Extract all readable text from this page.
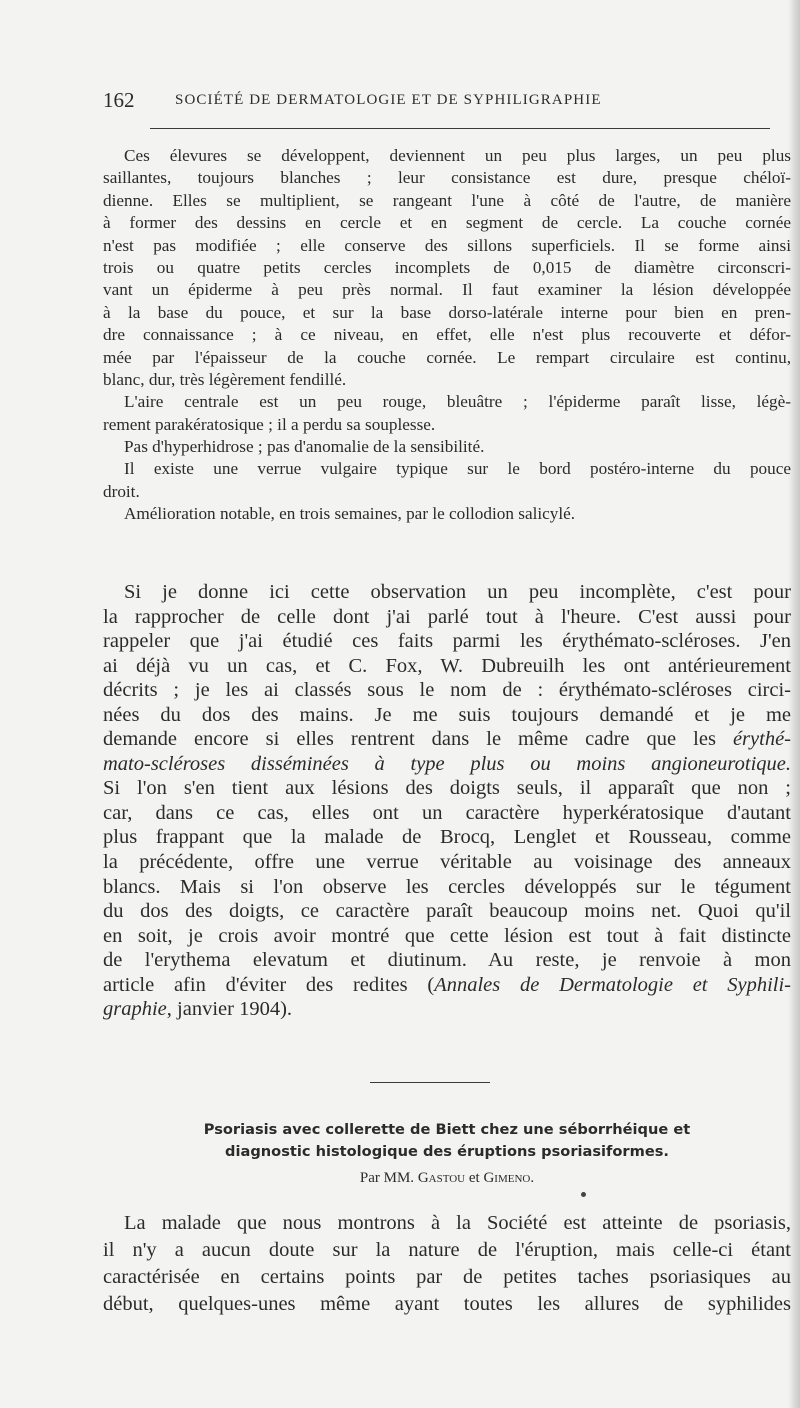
162	SOCIÉTÉ DE DERMATOLOGIE ET DE SYPHILIGRAPHIE
Ces élevures se développent, deviennent un peu plus larges, un peu plus
saillantes, toujours blanches ; leur consistance est dure, presque chéloï-
dienne. Elles se multiplient, se rangeant l'une à côté de l'autre, de manière
à former des dessins en cercle et en segment de cercle. La couche cornée
n'est pas modifiée ; elle conserve des sillons superficiels. Il se forme ainsi
trois ou quatre petits cercles incomplets de 0,015 de diamètre circonscri-
vant un épiderme à peu près normal. Il faut examiner la lésion développée
à la base du pouce, et sur la base dorso-latérale interne pour bien en pren-
dre connaissance ; à ce niveau, en effet, elle n'est plus recouverte et défor-
mée par l'épaisseur de la couche cornée. Le rempart circulaire est continu,
blanc, dur, très légèrement fendillé.
L'aire centrale est un peu rouge, bleuâtre ; l'épiderme paraît lisse, légè-
rement parakératosique ; il a perdu sa souplesse.
Pas d'hyperhidrose ; pas d'anomalie de la sensibilité.
Il existe une verrue vulgaire typique sur le bord postéro-interne du pouce
droit.
Amélioration notable, en trois semaines, par le collodion salicylé.
Si je donne ici cette observation un peu incomplète, c'est pour
la rapprocher de celle dont j'ai parlé tout à l'heure. C'est aussi pour
rappeler que j'ai étudié ces faits parmi les érythémato-scléroses. J'en
ai déjà vu un cas, et C. Fox, W. Dubreuilh les ont antérieurement
décrits ; je les ai classés sous le nom de : érythémato-scléroses circi-
nées du dos des mains. Je me suis toujours demandé et je me
demande encore si elles rentrent dans le même cadre que les érythé-
mato-scléroses disséminées à type plus ou moins angioneurotique.
Si l'on s'en tient aux lésions des doigts seuls, il apparaît que non ;
car, dans ce cas, elles ont un caractère hyperkératosique d'autant
plus frappant que la malade de Brocq, Lenglet et Rousseau, comme
la précédente, offre une verrue véritable au voisinage des anneaux
blancs. Mais si l'on observe les cercles développés sur le tégument
du dos des doigts, ce caractère paraît beaucoup moins net. Quoi qu'il
en soit, je crois avoir montré que cette lésion est tout à fait distincte
de l'erythema elevatum et diutinum. Au reste, je renvoie à mon
article afin d'éviter des redites (Annales de Dermatologie et Syphili-
graphie, janvier 1904).
Psoriasis avec collerette de Biett chez une séborrhéique et
diagnostic histologique des éruptions psoriasiformes.
Par MM. Gastou et Gimeno.
La malade que nous montrons à la Société est atteinte de psoriasis,
il n'y a aucun doute sur la nature de l'éruption, mais celle-ci étant
caractérisée en certains points par de petites taches psoriasiques au
début, quelques-unes même ayant toutes les allures de syphilides
